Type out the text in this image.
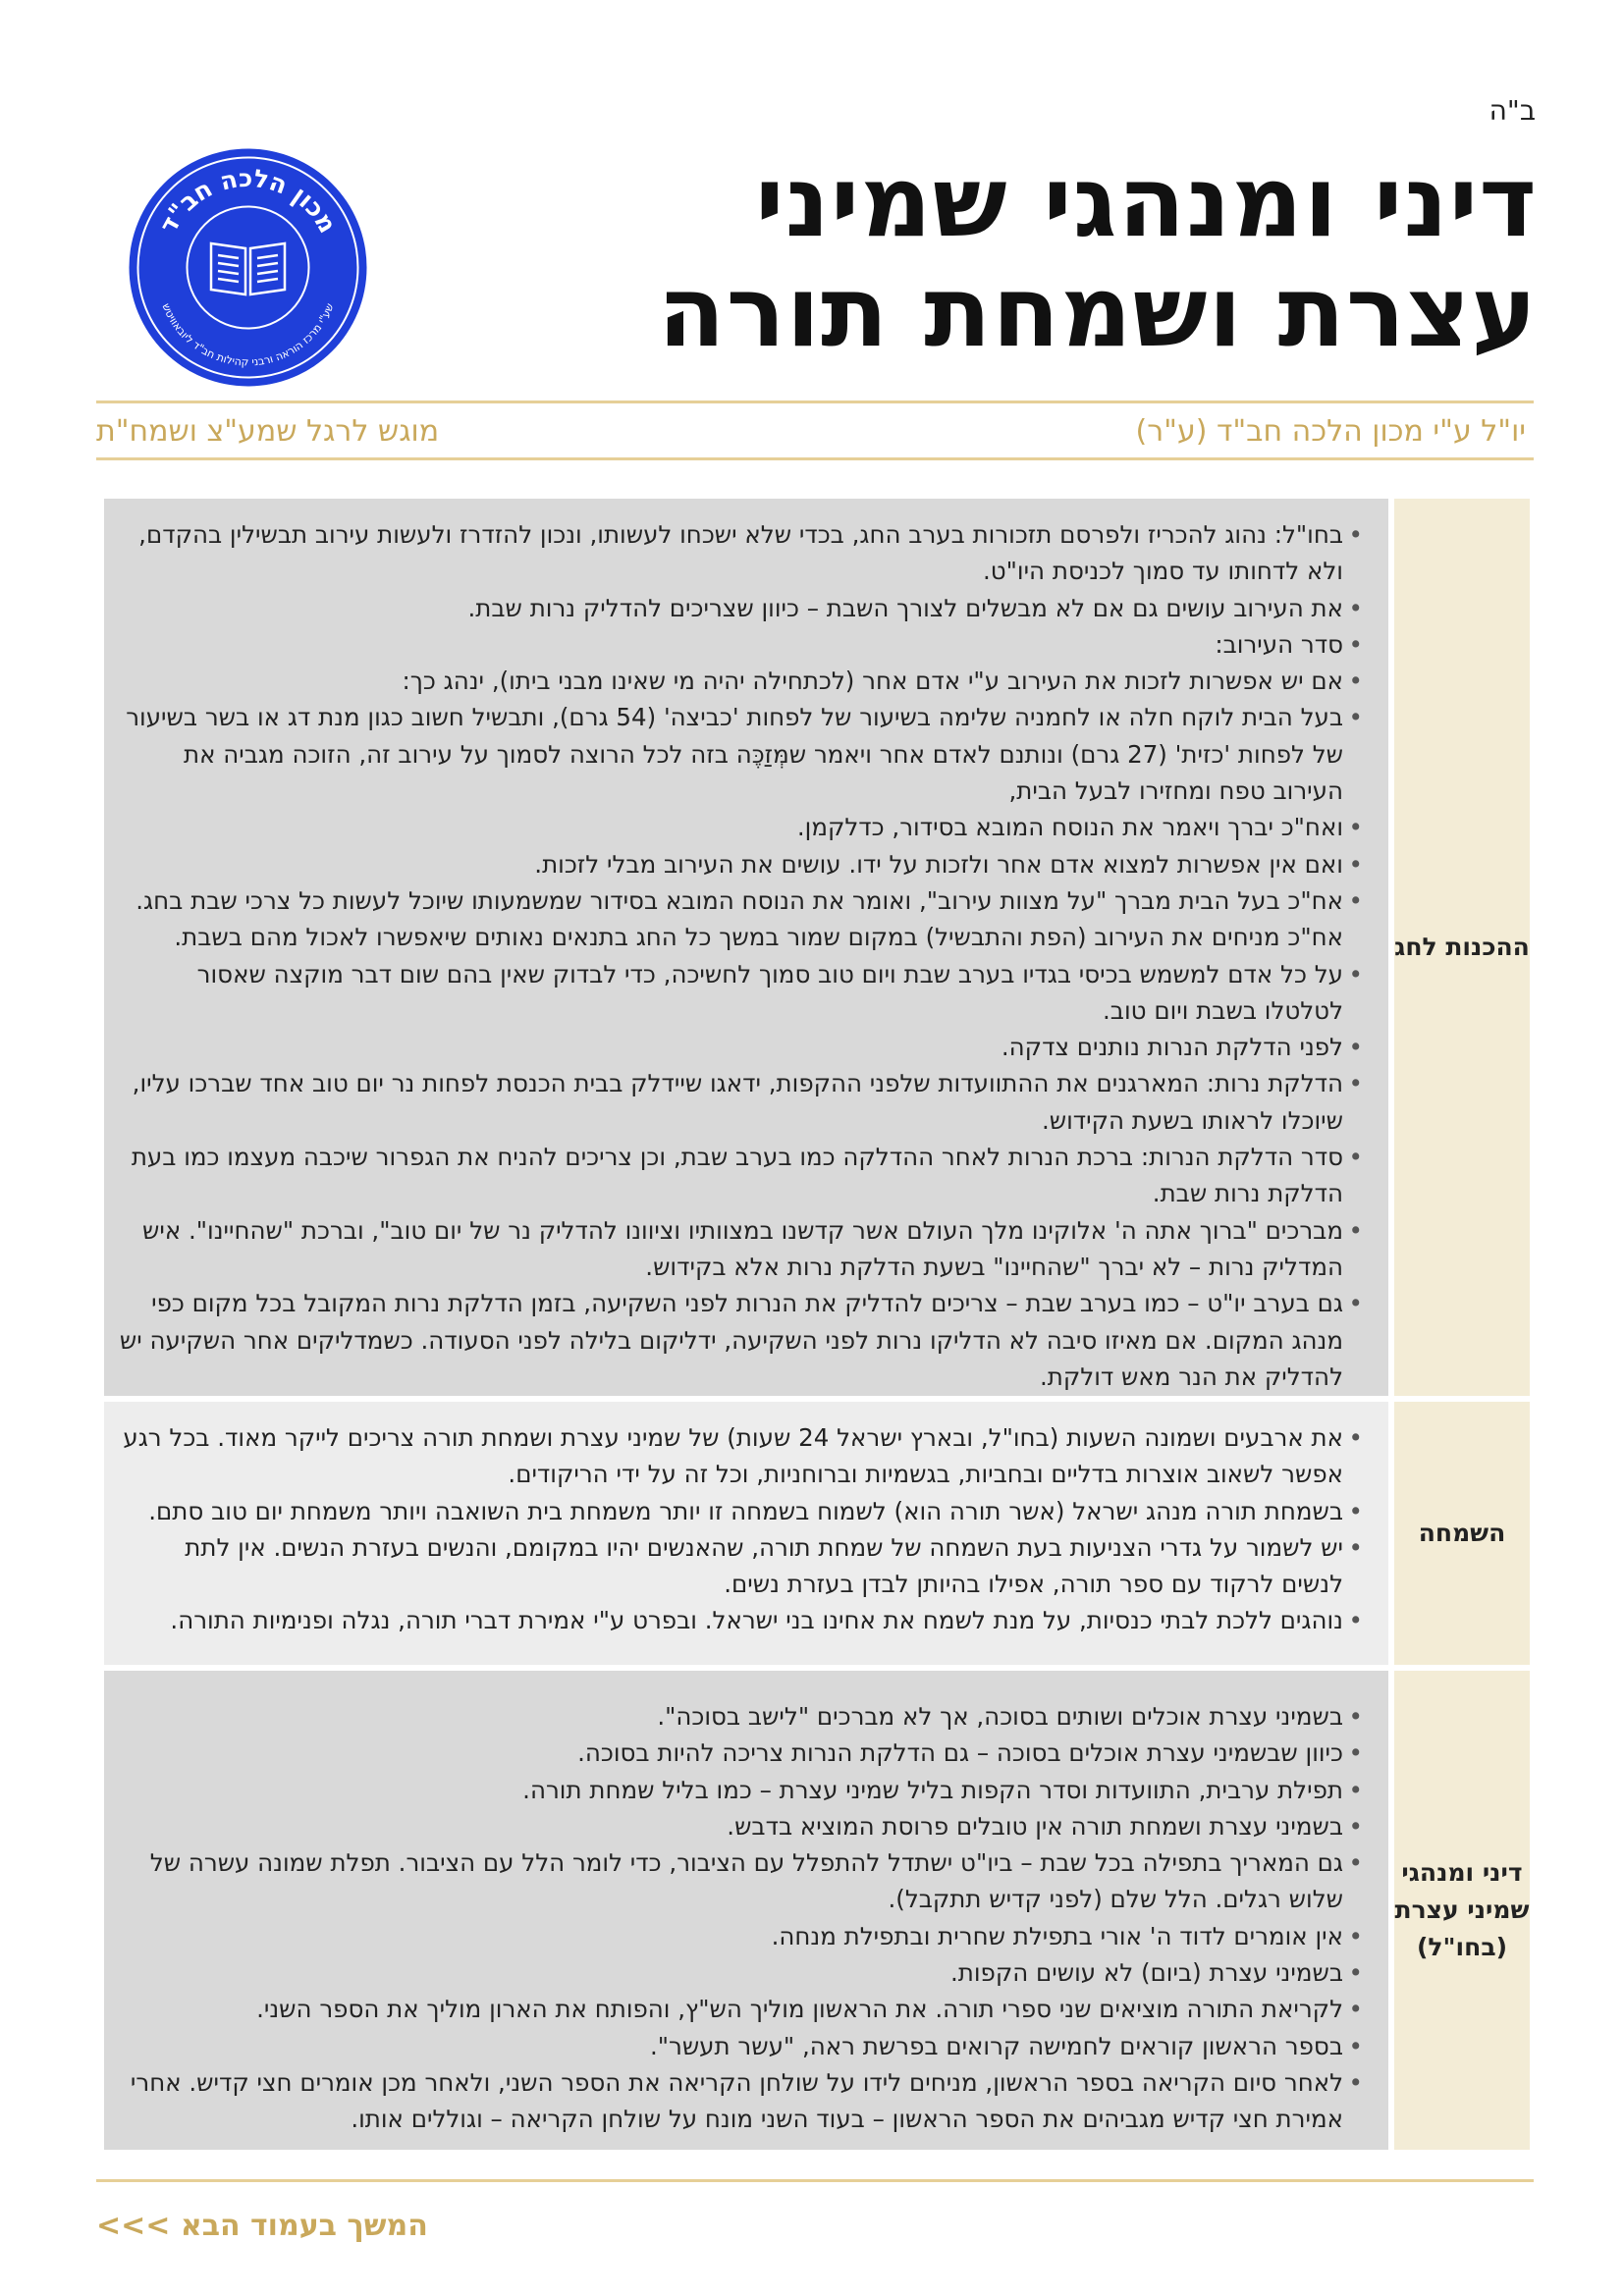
ב"ה
דיני ומנהגי שמיני
עצרת ושמחת תורה
מכון הלכה חב"ד
שע"י מרכז הוראה ורבני קהילות חב"ד ליובאוויטש
יו"ל ע"י מכון הלכה חב"ד (ע"ר)
מוגש לרגל שמע"צ ושמח"ת
ההכנות לחג
• בחו"ל: נהוג להכריז ולפרסם תזכורות בערב החג, בכדי שלא ישכחו לעשותו, ונכון להזדרז ולעשות עירוב תבשילין בהקדם, ולא לדחותו עד סמוך לכניסת היו"ט.
• את העירוב עושים גם אם לא מבשלים לצורך השבת – כיוון שצריכים להדליק נרות שבת.
• סדר העירוב:
• אם יש אפשרות לזכות את העירוב ע"י אדם אחר (לכתחילה יהיה מי שאינו מבני ביתו), ינהג כך:
• בעל הבית לוקח חלה או לחמניה שלימה בשיעור של לפחות 'כביצה' (54 גרם), ותבשיל חשוב כגון מנת דג או בשר בשיעור של לפחות 'כזית' (27 גרם) ונותנם לאדם אחר ויאמר שמְּזַכֶּה בזה לכל הרוצה לסמוך על עירוב זה, הזוכה מגביה את העירוב טפח ומחזירו לבעל הבית,
• ואח"כ יברך ויאמר את הנוסח המובא בסידור, כדלקמן.
• ואם אין אפשרות למצוא אדם אחר ולזכות על ידו. עושים את העירוב מבלי לזכות.
• אח"כ בעל הבית מברך "על מצוות עירוב", ואומר את הנוסח המובא בסידור שמשמעותו שיוכל לעשות כל צרכי שבת בחג. אח"כ מניחים את העירוב (הפת והתבשיל) במקום שמור במשך כל החג בתנאים נאותים שיאפשרו לאכול מהם בשבת.
• על כל אדם למשמש בכיסי בגדיו בערב שבת ויום טוב סמוך לחשיכה, כדי לבדוק שאין בהם שום דבר מוקצה שאסור לטלטלו בשבת ויום טוב.
• לפני הדלקת הנרות נותנים צדקה.
• הדלקת נרות: המארגנים את ההתוועדות שלפני ההקפות, ידאגו שיידלק בבית הכנסת לפחות נר יום טוב אחד שברכו עליו, שיוכלו לראותו בשעת הקידוש.
• סדר הדלקת הנרות: ברכת הנרות לאחר ההדלקה כמו בערב שבת, וכן צריכים להניח את הגפרור שיכבה מעצמו כמו בעת הדלקת נרות שבת.
• מברכים "ברוך אתה ה' אלוקינו מלך העולם אשר קדשנו במצוותיו וציוונו להדליק נר של יום טוב", וברכת "שהחיינו". איש המדליק נרות – לא יברך "שהחיינו" בשעת הדלקת נרות אלא בקידוש.
• גם בערב יו"ט – כמו בערב שבת – צריכים להדליק את הנרות לפני השקיעה, בזמן הדלקת נרות המקובל בכל מקום כפי מנהג המקום. אם מאיזו סיבה לא הדליקו נרות לפני השקיעה, ידליקום בלילה לפני הסעודה. כשמדליקים אחר השקיעה יש להדליק את הנר מאש דולקת.
השמחה
• את ארבעים ושמונה השעות (בחו"ל, ובארץ ישראל 24 שעות) של שמיני עצרת ושמחת תורה צריכים לייקר מאוד. בכל רגע אפשר לשאוב אוצרות בדליים ובחביות, בגשמיות וברוחניות, וכל זה על ידי הריקודים.
• בשמחת תורה מנהג ישראל (אשר תורה הוא) לשמוח בשמחה זו יותר משמחת בית השואבה ויותר משמחת יום טוב סתם.
• יש לשמור על גדרי הצניעות בעת השמחה של שמחת תורה, שהאנשים יהיו במקומם, והנשים בעזרת הנשים. אין לתת לנשים לרקוד עם ספר תורה, אפילו בהיותן לבדן בעזרת נשים.
• נוהגים ללכת לבתי כנסיות, על מנת לשמח את אחינו בני ישראל. ובפרט ע"י אמירת דברי תורה, נגלה ופנימיות התורה.
דיני ומנהגי שמיני עצרת (בחו"ל)
• בשמיני עצרת אוכלים ושותים בסוכה, אך לא מברכים "לישב בסוכה".
• כיוון שבשמיני עצרת אוכלים בסוכה – גם הדלקת הנרות צריכה להיות בסוכה.
• תפילת ערבית, התוועדות וסדר הקפות בליל שמיני עצרת – כמו בליל שמחת תורה.
• בשמיני עצרת ושמחת תורה אין טובלים פרוסת המוציא בדבש.
• גם המאריך בתפילה בכל שבת – ביו"ט ישתדל להתפלל עם הציבור, כדי לומר הלל עם הציבור. תפלת שמונה עשרה של שלוש רגלים. הלל שלם (לפני קדיש תתקבל).
• אין אומרים לדוד ה' אורי בתפילת שחרית ובתפילת מנחה.
• בשמיני עצרת (ביום) לא עושים הקפות.
• לקריאת התורה מוציאים שני ספרי תורה. את הראשון מוליך הש"ץ, והפותח את הארון מוליך את הספר השני.
• בספר הראשון קוראים לחמישה קרואים בפרשת ראה, "עשר תעשר".
• לאחר סיום הקריאה בספר הראשון, מניחים לידו על שולחן הקריאה את הספר השני, ולאחר מכן אומרים חצי קדיש. אחרי אמירת חצי קדיש מגביהים את הספר הראשון – בעוד השני מונח על שולחן הקריאה – וגוללים אותו.
המשך בעמוד הבא >>>
